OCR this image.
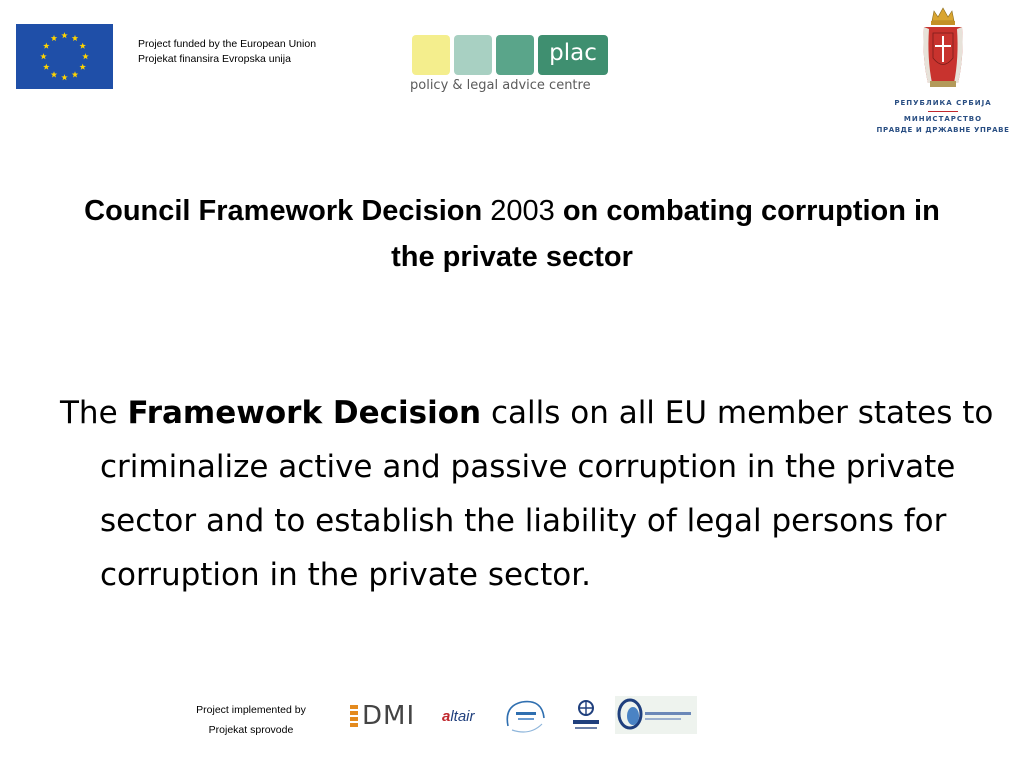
Project funded by the European Union
Projekat finansira Evropska unija	plac
policy & legal advice centre
РЕПУБЛИКА СРБИЈА
МИНИСТАРСТВО
ПРАВДЕ И ДРЖАВНЕ УПРАВЕ
Council Framework Decision 2003 on combating corruption in the private sector
The Framework Decision calls on all EU member states to criminalize active and passive corruption in the private sector and to establish the liability of legal persons for corruption in the private sector.
Project implemented by
Projekat sprovode	DMI a ltair
